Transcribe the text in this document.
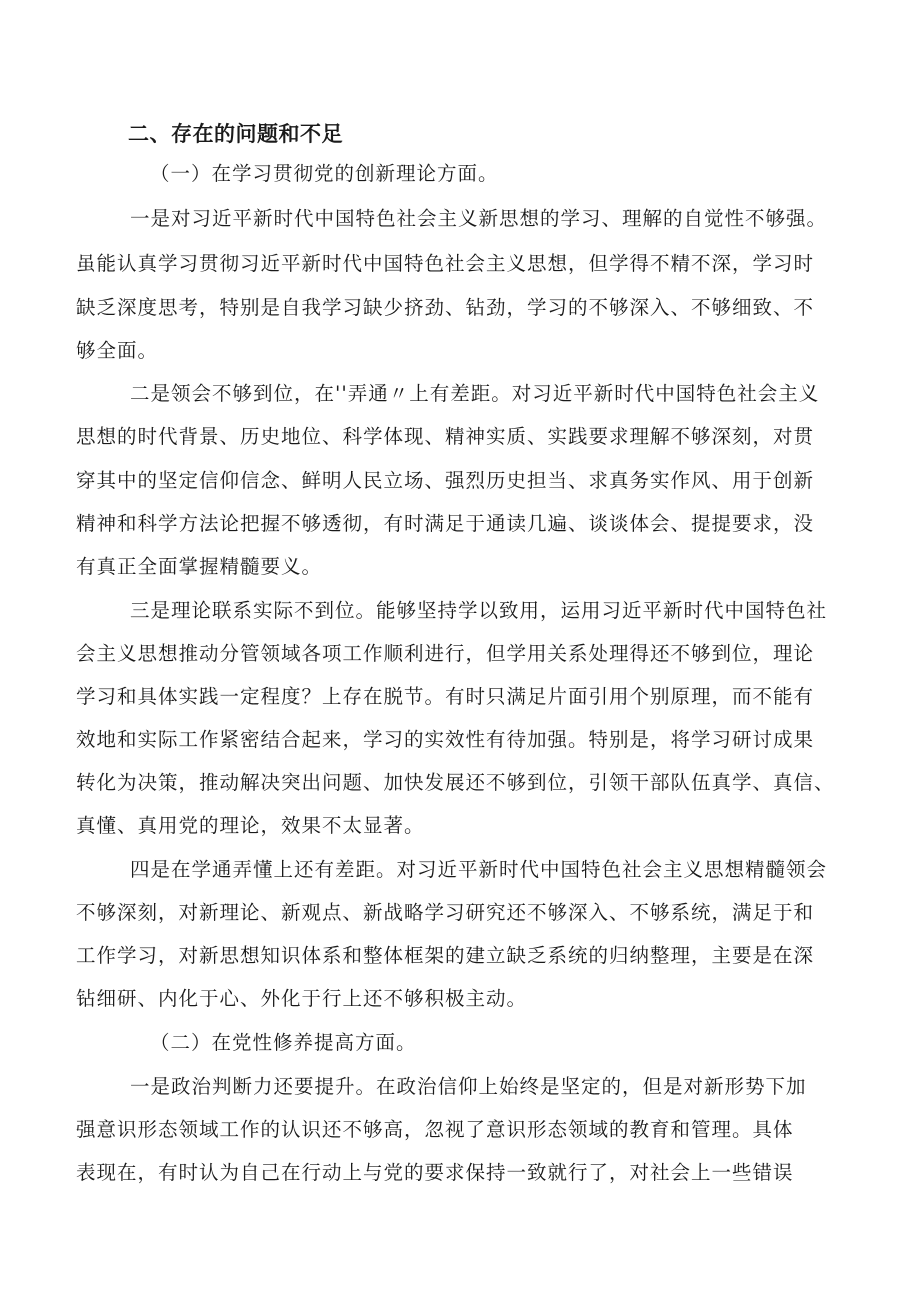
二、存在的问题和不足
（一）在学习贯彻党的创新理论方面。
一是对习近平新时代中国特色社会主义新思想的学习、理解的自觉性不够强。
虽能认真学习贯彻习近平新时代中国特色社会主义思想，但学得不精不深，学习时
缺乏深度思考，特别是自我学习缺少挤劲、钻劲，学习的不够深入、不够细致、不
够全面。
二是领会不够到位，在''弄通〃上有差距。对习近平新时代中国特色社会主义
思想的时代背景、历史地位、科学体现、精神实质、实践要求理解不够深刻，对贯
穿其中的坚定信仰信念、鲜明人民立场、强烈历史担当、求真务实作风、用于创新
精神和科学方法论把握不够透彻，有时满足于通读几遍、谈谈体会、提提要求，没
有真正全面掌握精髓要义。
三是理论联系实际不到位。能够坚持学以致用，运用习近平新时代中国特色社
会主义思想推动分管领域各项工作顺利进行，但学用关系处理得还不够到位，理论
学习和具体实践一定程度？上存在脱节。有时只满足片面引用个别原理，而不能有
效地和实际工作紧密结合起来，学习的实效性有待加强。特别是，将学习研讨成果
转化为决策，推动解决突出问题、加快发展还不够到位，引领干部队伍真学、真信、
真懂、真用党的理论，效果不太显著。
四是在学通弄懂上还有差距。对习近平新时代中国特色社会主义思想精髓领会
不够深刻，对新理论、新观点、新战略学习研究还不够深入、不够系统，满足于和
工作学习，对新思想知识体系和整体框架的建立缺乏系统的归纳整理，主要是在深
钻细研、内化于心、外化于行上还不够积极主动。
（二）在党性修养提高方面。
一是政治判断力还要提升。在政治信仰上始终是坚定的，但是对新形势下加
强意识形态领域工作的认识还不够高，忽视了意识形态领域的教育和管理。具体
表现在，有时认为自己在行动上与党的要求保持一致就行了，对社会上一些错误
